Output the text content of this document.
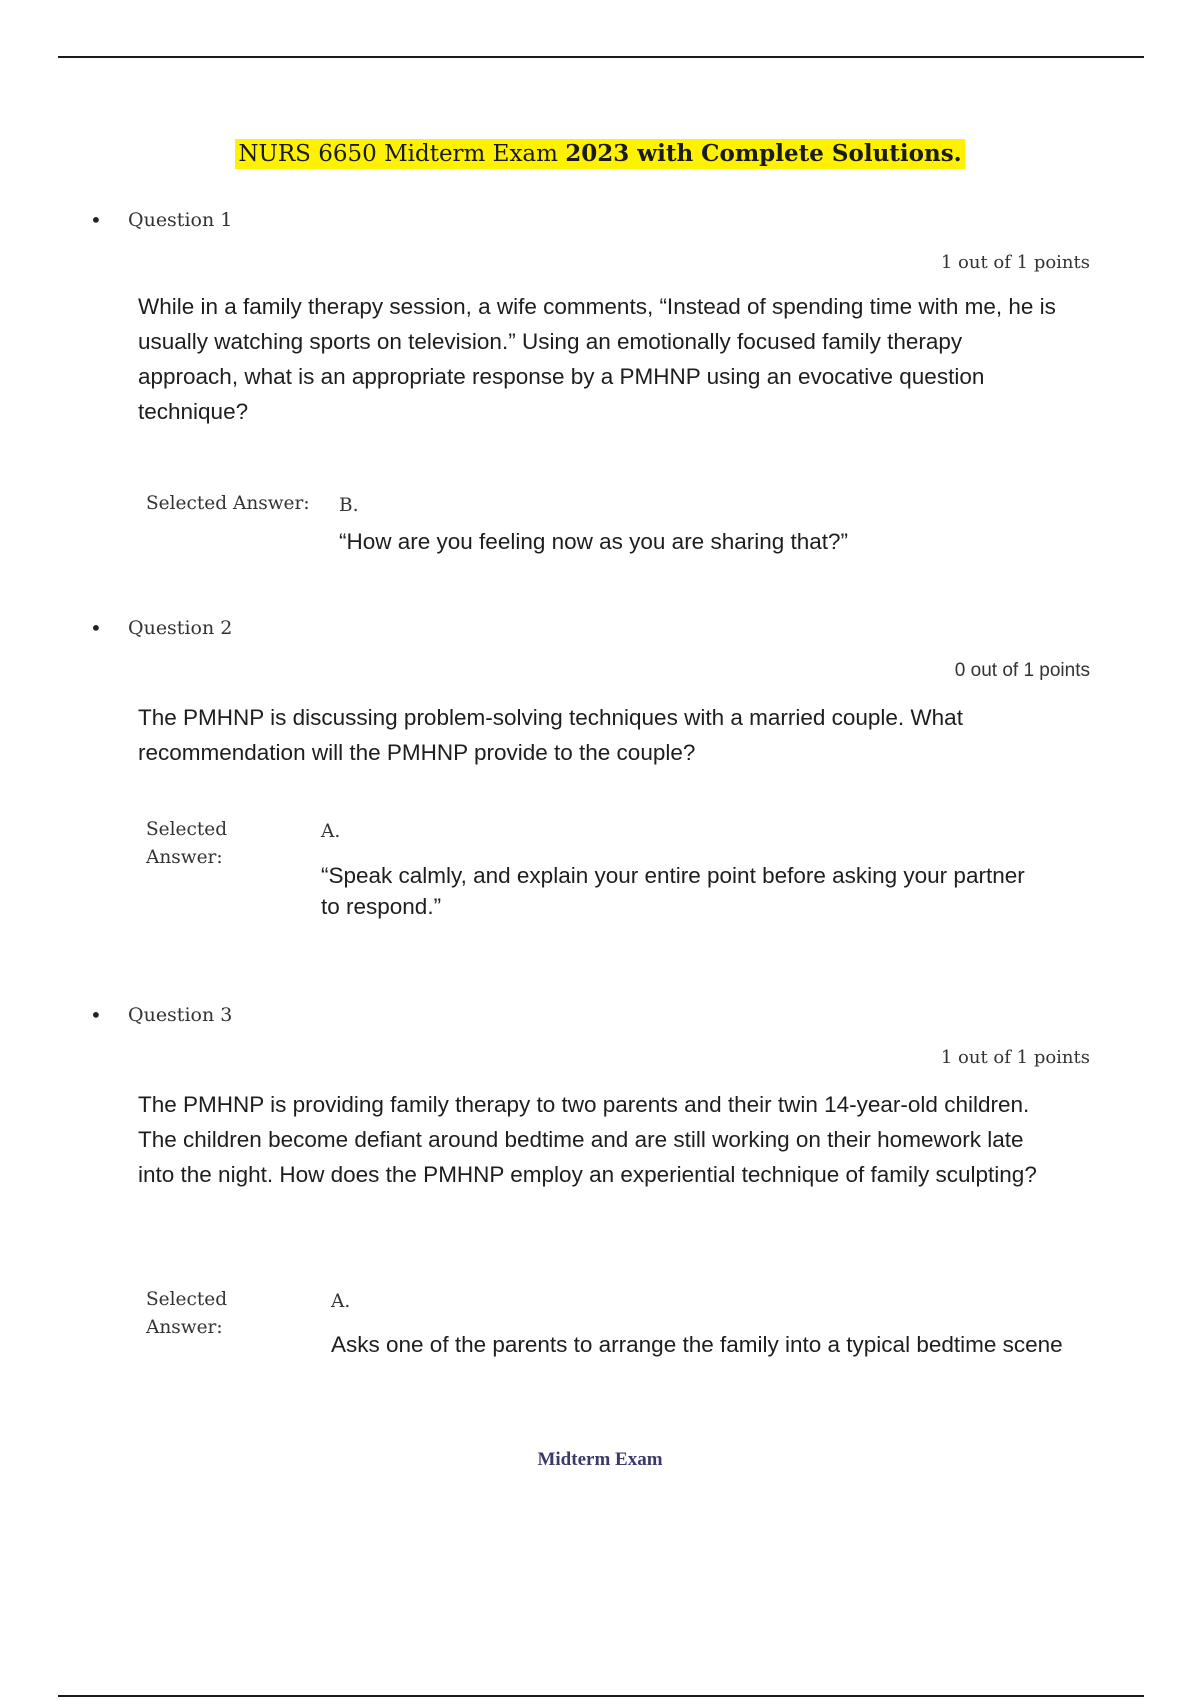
NURS 6650 Midterm Exam 2023 with Complete Solutions.
• Question 1
1 out of 1 points
While in a family therapy session, a wife comments, “Instead of spending time with me, he is usually watching sports on television.” Using an emotionally focused family therapy approach, what is an appropriate response by a PMHNP using an evocative question technique?
Selected Answer: B.
“How are you feeling now as you are sharing that?”
• Question 2
0 out of 1 points
The PMHNP is discussing problem-solving techniques with a married couple. What recommendation will the PMHNP provide to the couple?
Selected Answer:
A.
“Speak calmly, and explain your entire point before asking your partner to respond.”
• Question 3
1 out of 1 points
The PMHNP is providing family therapy to two parents and their twin 14-year-old children. The children become defiant around bedtime and are still working on their homework late into the night. How does the PMHNP employ an experiential technique of family sculpting?
Selected Answer:
A.
Asks one of the parents to arrange the family into a typical bedtime scene
Midterm Exam
